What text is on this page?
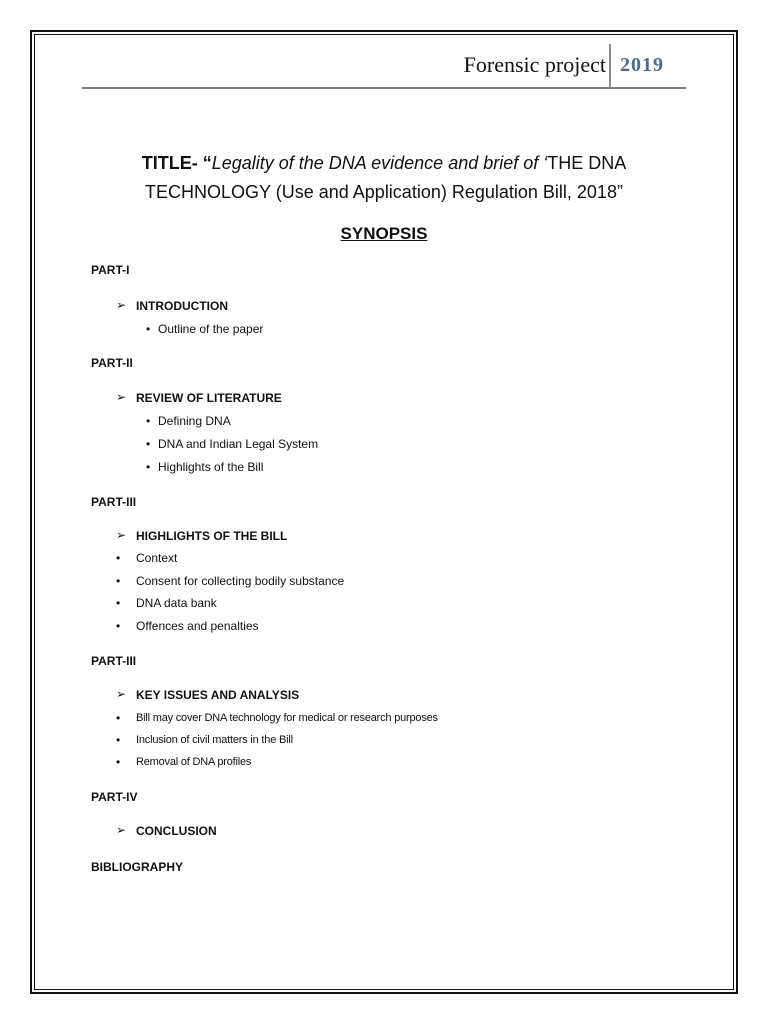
Forensic project 2019
TITLE- “Legality of the DNA evidence and brief of ‘THE DNA
TECHNOLOGY (Use and Application) Regulation Bill, 2018”
SYNOPSIS
PART-I
➢ INTRODUCTION
• Outline of the paper
PART-II
➢ REVIEW OF LITERATURE
• Defining DNA
• DNA and Indian Legal System
• Highlights of the Bill
PART-III
➢ HIGHLIGHTS OF THE BILL
• Context
• Consent for collecting bodily substance
• DNA data bank
• Offences and penalties
PART-III
➢ KEY ISSUES AND ANALYSIS
• Bill may cover DNA technology for medical or research purposes
• Inclusion of civil matters in the Bill
• Removal of DNA profiles
PART-IV
➢ CONCLUSION
BIBLIOGRAPHY
